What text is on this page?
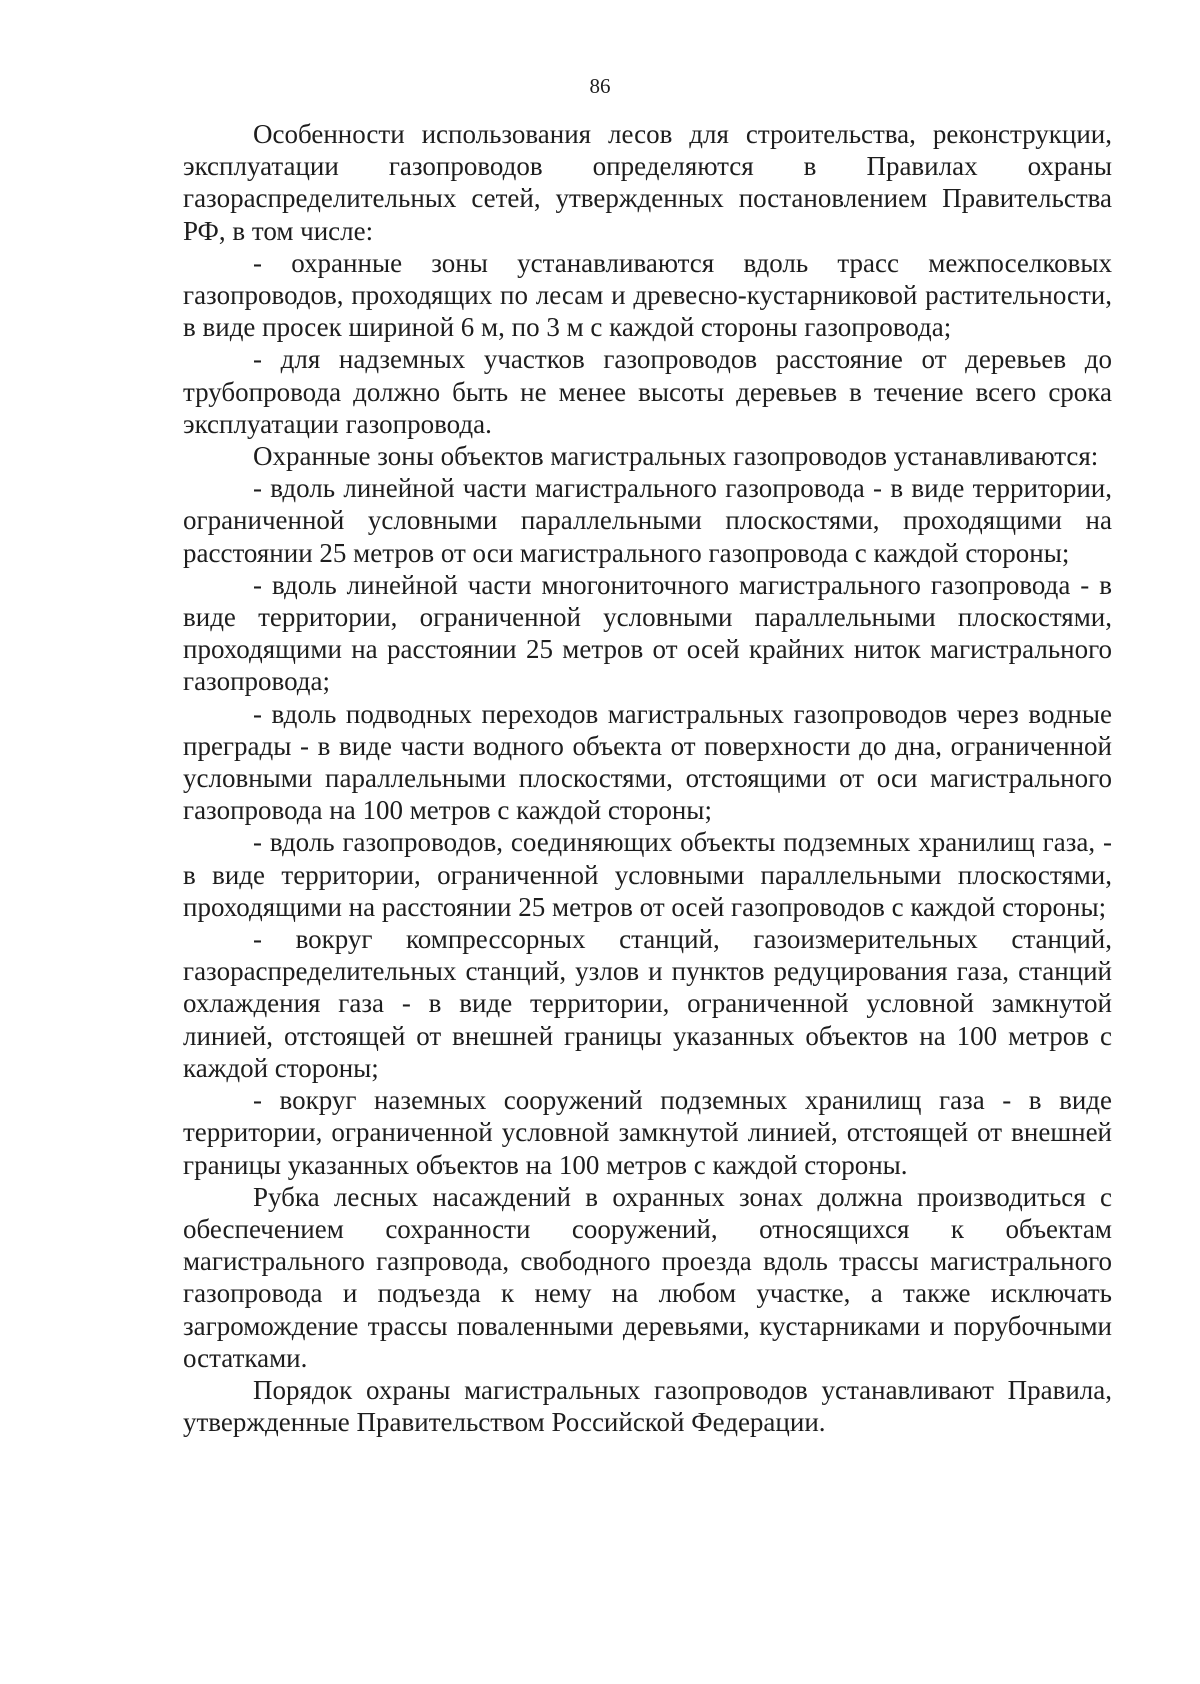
86

Особенности использования лесов для строительства, реконструкции, эксплуатации газопроводов определяются в Правилах охраны газораспределительных сетей, утвержденных постановлением Правительства РФ, в том числе:

- охранные зоны устанавливаются вдоль трасс межпоселковых газопроводов, проходящих по лесам и древесно-кустарниковой растительности, в виде просек шириной 6 м, по 3 м с каждой стороны газопровода;

- для надземных участков газопроводов расстояние от деревьев до трубопровода должно быть не менее высоты деревьев в течение всего срока эксплуатации газопровода.

Охранные зоны объектов магистральных газопроводов устанавливаются:

- вдоль линейной части магистрального газопровода - в виде территории, ограниченной условными параллельными плоскостями, проходящими на расстоянии 25 метров от оси магистрального газопровода с каждой стороны;

- вдоль линейной части многониточного магистрального газопровода - в виде территории, ограниченной условными параллельными плоскостями, проходящими на расстоянии 25 метров от осей крайних ниток магистрального газопровода;

- вдоль подводных переходов магистральных газопроводов через водные преграды - в виде части водного объекта от поверхности до дна, ограниченной условными параллельными плоскостями, отстоящими от оси магистрального газопровода на 100 метров с каждой стороны;

- вдоль газопроводов, соединяющих объекты подземных хранилищ газа, - в виде территории, ограниченной условными параллельными плоскостями, проходящими на расстоянии 25 метров от осей газопроводов с каждой стороны;

- вокруг компрессорных станций, газоизмерительных станций, газораспределительных станций, узлов и пунктов редуцирования газа, станций охлаждения газа - в виде территории, ограниченной условной замкнутой линией, отстоящей от внешней границы указанных объектов на 100 метров с каждой стороны;

- вокруг наземных сооружений подземных хранилищ газа - в виде территории, ограниченной условной замкнутой линией, отстоящей от внешней границы указанных объектов на 100 метров с каждой стороны.

Рубка лесных насаждений в охранных зонах должна производиться с обеспечением сохранности сооружений, относящихся к объектам магистрального газпровода, свободного проезда вдоль трассы магистрального газопровода и подъезда к нему на любом участке, а также исключать загромождение трассы поваленными деревьями, кустарниками и порубочными остатками.

Порядок охраны магистральных газопроводов устанавливают Правила, утвержденные Правительством Российской Федерации.
